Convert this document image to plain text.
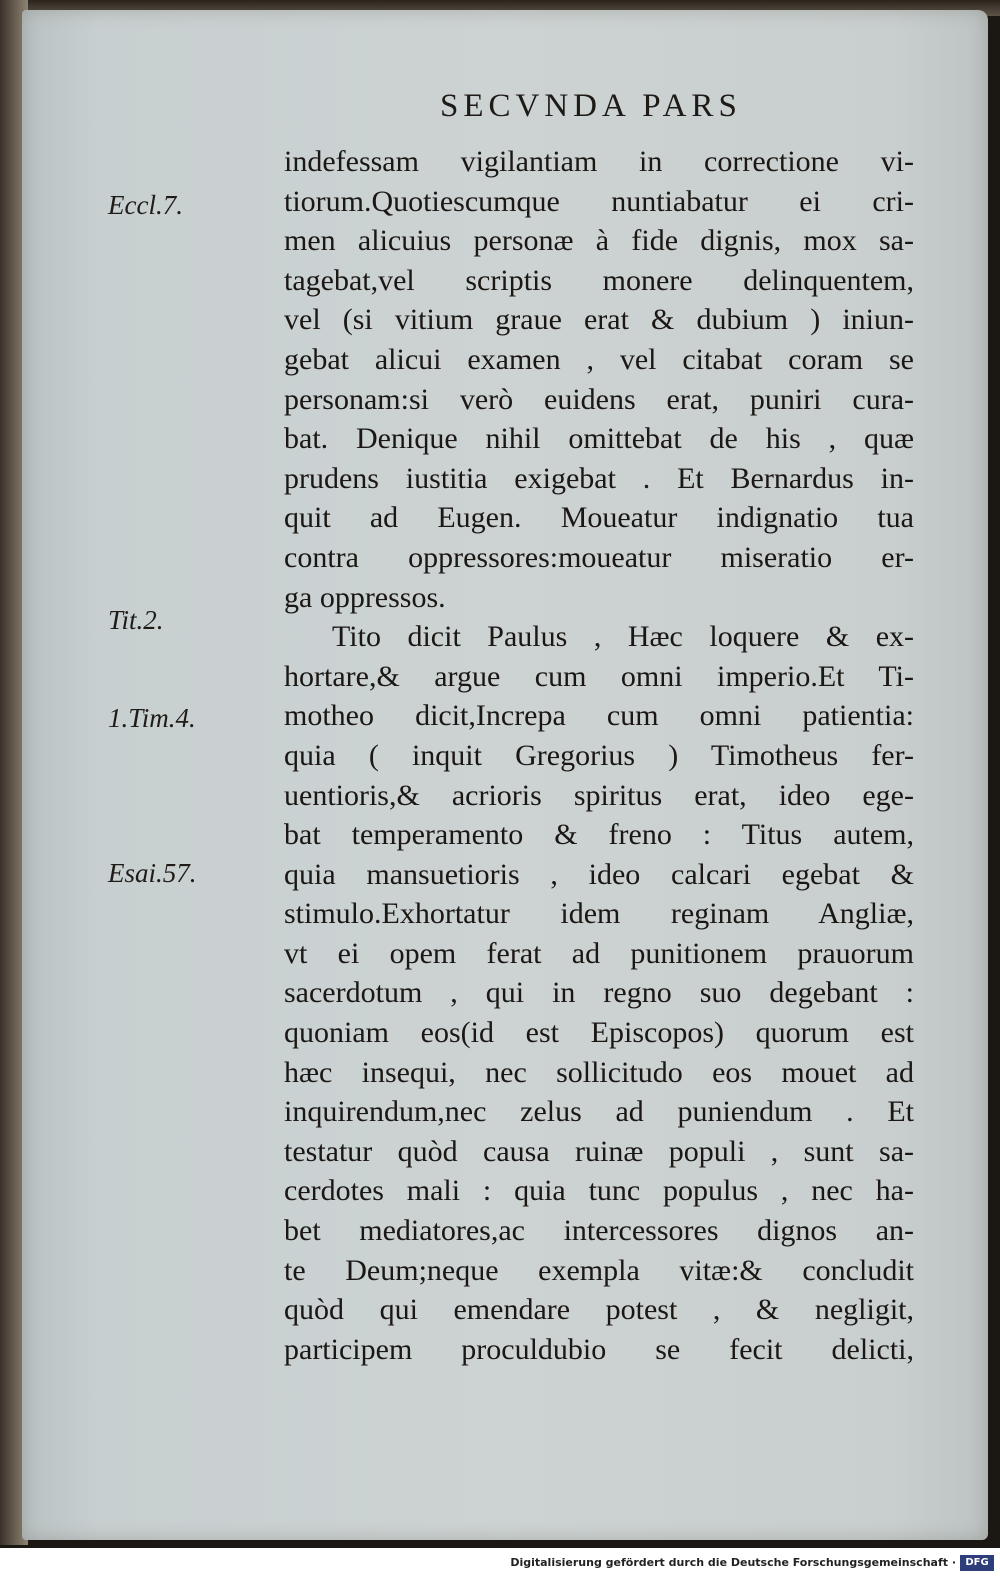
SECVNDA PARS
Eccl.7.
Tit.2.
1.Tim.4.
Esai.57.
indefessam vigilantiam in correctione vi-
tiorum.Quotiescumque nuntiabatur ei cri-
men alicuius personæ à fide dignis, mox sa-
tagebat,vel scriptis monere delinquentem,
vel (si vitium graue erat & dubium ) iniun-
gebat alicui examen , vel citabat coram se
personam:si verò euidens erat, puniri cura-
bat. Denique nihil omittebat de his , quæ
prudens iustitia exigebat . Et Bernardus in-
quit ad Eugen. Moueatur indignatio tua
contra oppressores:moueatur miseratio er-
ga oppressos.
Tito dicit Paulus , Hæc loquere & ex-
hortare,& argue cum omni imperio.Et Ti-
motheo dicit,Increpa cum omni patientia:
quia ( inquit Gregorius ) Timotheus fer-
uentioris,& acrioris spiritus erat, ideo ege-
bat temperamento & freno : Titus autem,
quia mansuetioris , ideo calcari egebat &
stimulo.Exhortatur idem reginam Angliæ,
vt ei opem ferat ad punitionem prauorum
sacerdotum , qui in regno suo degebant :
quoniam eos(id est Episcopos) quorum est
hæc insequi, nec sollicitudo eos mouet ad
inquirendum,nec zelus ad puniendum . Et
testatur quòd causa ruinæ populi , sunt sa-
cerdotes mali : quia tunc populus , nec ha-
bet mediatores,ac intercessores dignos an-
te Deum;neque exempla vitæ:& concludit
quòd qui emendare potest , & negligit,
participem proculdubio se fecit delicti,
Digitalisierung gefördert durch die Deutsche Forschungsgemeinschaft · DFG
